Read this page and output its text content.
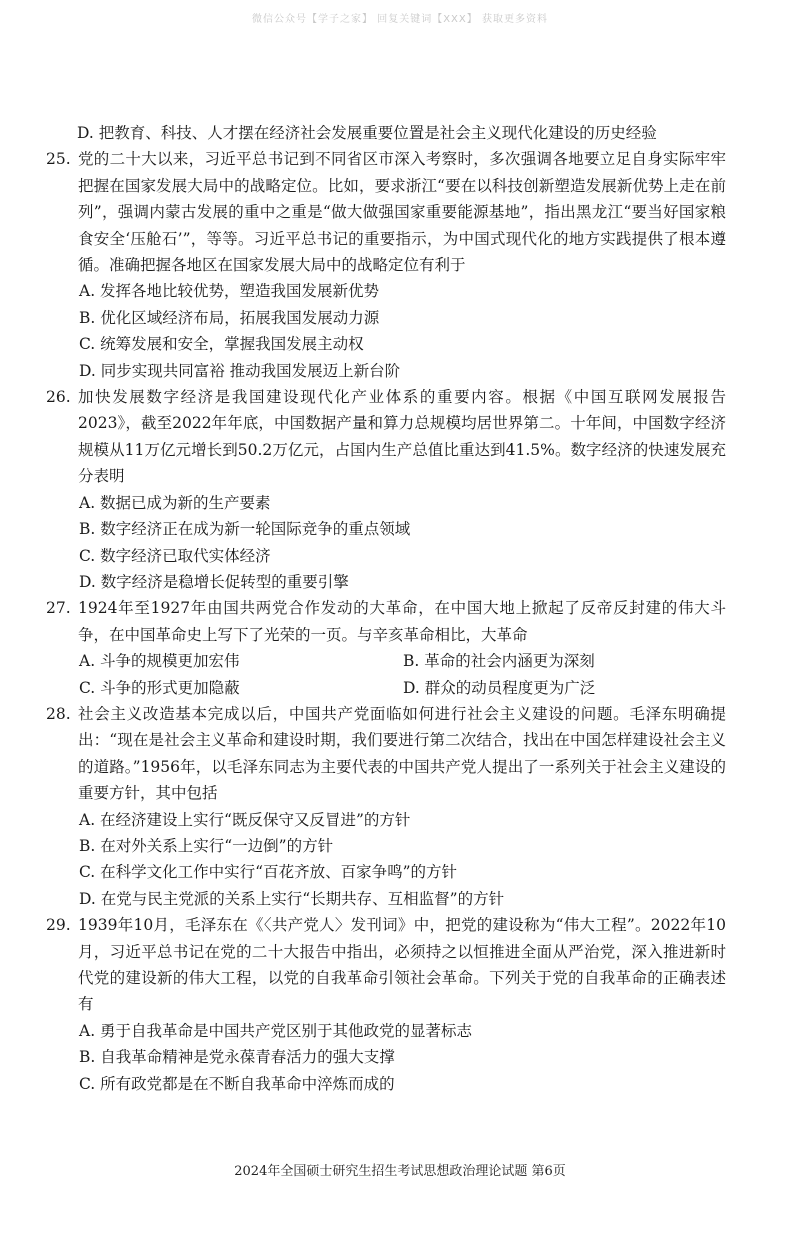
微信公众号【学子之家】 回复关键词【XXX】 获取更多资料
D. 把教育、科技、人才摆在经济社会发展重要位置是社会主义现代化建设的历史经验
25. 党的二十大以来，习近平总书记到不同省区市深入考察时，多次强调各地要立足自身实际牢牢把握在国家发展大局中的战略定位。比如，要求浙江“要在以科技创新塑造发展新优势上走在前列”，强调内蒙古发展的重中之重是“做大做强国家重要能源基地”，指出黑龙江“要当好国家粮食安全‘压舱石’”，等等。习近平总书记的重要指示，为中国式现代化的地方实践提供了根本遵循。准确把握各地区在国家发展大局中的战略定位有利于
A. 发挥各地比较优势，塑造我国发展新优势
B. 优化区域经济布局，拓展我国发展动力源
C. 统筹发展和安全，掌握我国发展主动权
D. 同步实现共同富裕 推动我国发展迈上新台阶
26. 加快发展数字经济是我国建设现代化产业体系的重要内容。根据《中国互联网发展报告2023》，截至2022年年底，中国数据产量和算力总规模均居世界第二。十年间，中国数字经济规模从11万亿元增长到50.2万亿元，占国内生产总值比重达到41.5%。数字经济的快速发展充分表明
A. 数据已成为新的生产要素
B. 数字经济正在成为新一轮国际竞争的重点领域
C. 数字经济已取代实体经济
D. 数字经济是稳增长促转型的重要引擎
27. 1924年至1927年由国共两党合作发动的大革命，在中国大地上掀起了反帝反封建的伟大斗争，在中国革命史上写下了光荣的一页。与辛亥革命相比，大革命
A. 斗争的规模更加宏伟	B. 革命的社会内涵更为深刻
C. 斗争的形式更加隐蔽	D. 群众的动员程度更为广泛
28. 社会主义改造基本完成以后，中国共产党面临如何进行社会主义建设的问题。毛泽东明确提出：“现在是社会主义革命和建设时期，我们要进行第二次结合，找出在中国怎样建设社会主义的道路。”1956年，以毛泽东同志为主要代表的中国共产党人提出了一系列关于社会主义建设的重要方针，其中包括
A. 在经济建设上实行“既反保守又反冒进”的方针
B. 在对外关系上实行“一边倒”的方针
C. 在科学文化工作中实行“百花齐放、百家争鸣”的方针
D. 在党与民主党派的关系上实行“长期共存、互相监督”的方针
29. 1939年10月，毛泽东在《〈共产党人〉发刊词》中，把党的建设称为“伟大工程”。2022年10月，习近平总书记在党的二十大报告中指出，必须持之以恒推进全面从严治党，深入推进新时代党的建设新的伟大工程，以党的自我革命引领社会革命。下列关于党的自我革命的正确表述有
A. 勇于自我革命是中国共产党区别于其他政党的显著标志
B. 自我革命精神是党永葆青春活力的强大支撑
C. 所有政党都是在不断自我革命中淬炼而成的
2024年全国硕士研究生招生考试思想政治理论试题 第6页
